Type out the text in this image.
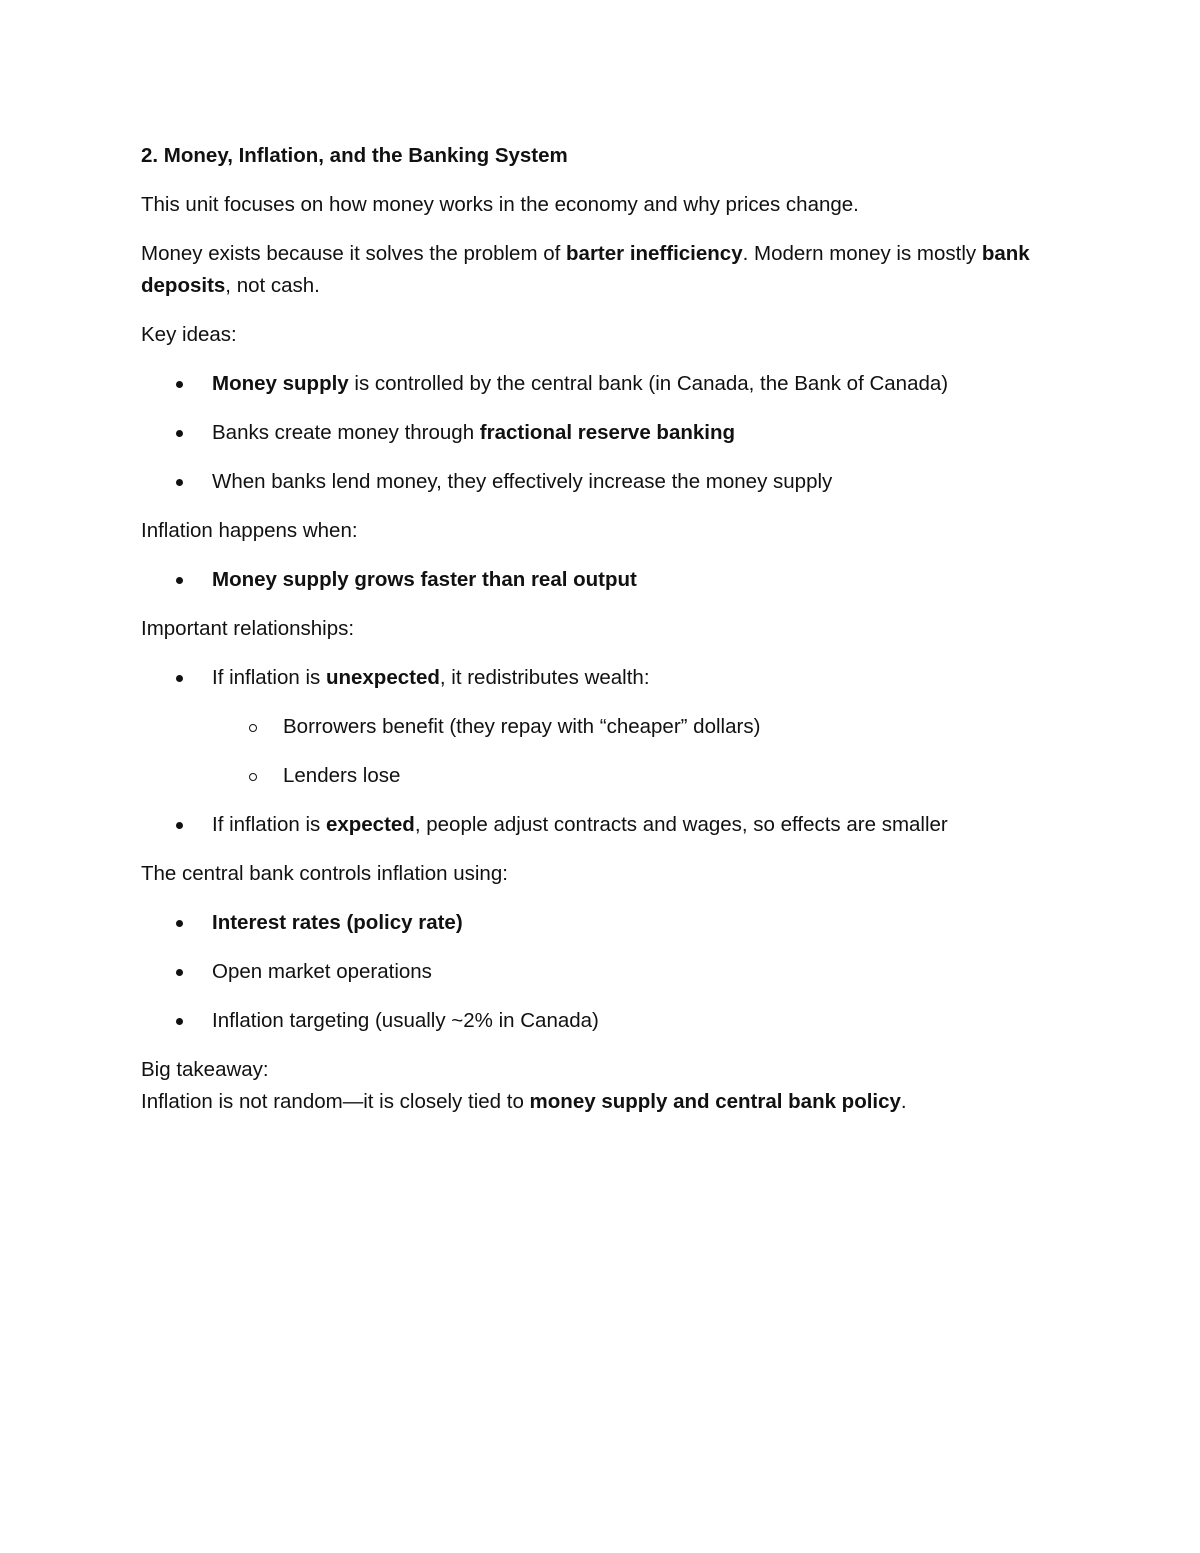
2. Money, Inflation, and the Banking System

This unit focuses on how money works in the economy and why prices change.

Money exists because it solves the problem of barter inefficiency. Modern money is mostly bank deposits, not cash.

Key ideas:

Money supply is controlled by the central bank (in Canada, the Bank of Canada)
Banks create money through fractional reserve banking
When banks lend money, they effectively increase the money supply

Inflation happens when:

Money supply grows faster than real output

Important relationships:

If inflation is unexpected, it redistributes wealth:
Borrowers benefit (they repay with “cheaper” dollars)
Lenders lose
If inflation is expected, people adjust contracts and wages, so effects are smaller

The central bank controls inflation using:

Interest rates (policy rate)
Open market operations
Inflation targeting (usually ~2% in Canada)

Big takeaway:

Inflation is not random—it is closely tied to money supply and central bank policy.
